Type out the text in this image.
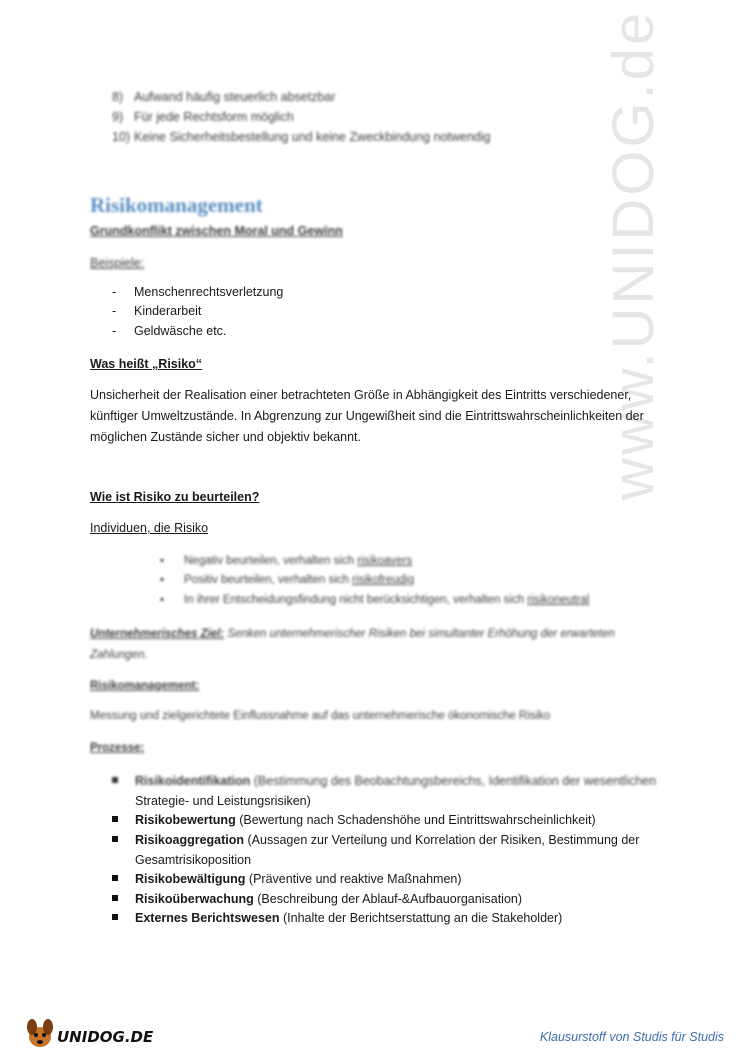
www.UNIDOG.de
8) Aufwand häufig steuerlich absetzbar
9) Für jede Rechtsform möglich
10) Keine Sicherheitsbestellung und keine Zweckbindung notwendig
Risikomanagement
Grundkonflikt zwischen Moral und Gewinn
Beispiele:
- Menschenrechtsverletzung
- Kinderarbeit
- Geldwäsche etc.
Was heißt „Risiko“
Unsicherheit der Realisation einer betrachteten Größe in Abhängigkeit des Eintritts verschiedener,
künftiger Umweltzustände. In Abgrenzung zur Ungewißheit sind die Eintrittswahrscheinlichkeiten der
möglichen Zustände sicher und objektiv bekannt.
Wie ist Risiko zu beurteilen?
Individuen, die Risiko
▪ Negativ beurteilen, verhalten sich risikoavers
▪ Positiv beurteilen, verhalten sich risikofreudig
▪ In ihrer Entscheidungsfindung nicht berücksichtigen, verhalten sich risikoneutral
Unternehmerisches Ziel: Senken unternehmerischer Risiken bei simultanter Erhöhung der erwarteten
Zahlungen.
Risikomanagement:
Messung und zielgerichtete Einflussnahme auf das unternehmerische ökonomische Risiko
Prozesse:
Risikoidentifikation (Bestimmung des Beobachtungsbereichs, Identifikation der wesentlichen
Strategie- und Leistungsrisiken)
Risikobewertung (Bewertung nach Schadenshöhe und Eintrittswahrscheinlichkeit)
Risikoaggregation (Aussagen zur Verteilung und Korrelation der Risiken, Bestimmung der
Gesamtrisikoposition
Risikobewältigung (Präventive und reaktive Maßnahmen)
Risikoüberwachung (Beschreibung der Ablauf-&Aufbauorganisation)
Externes Berichtswesen (Inhalte der Berichtserstattung an die Stakeholder)
UNIDOG.DE	Klausurstoff von Studis für Studis
